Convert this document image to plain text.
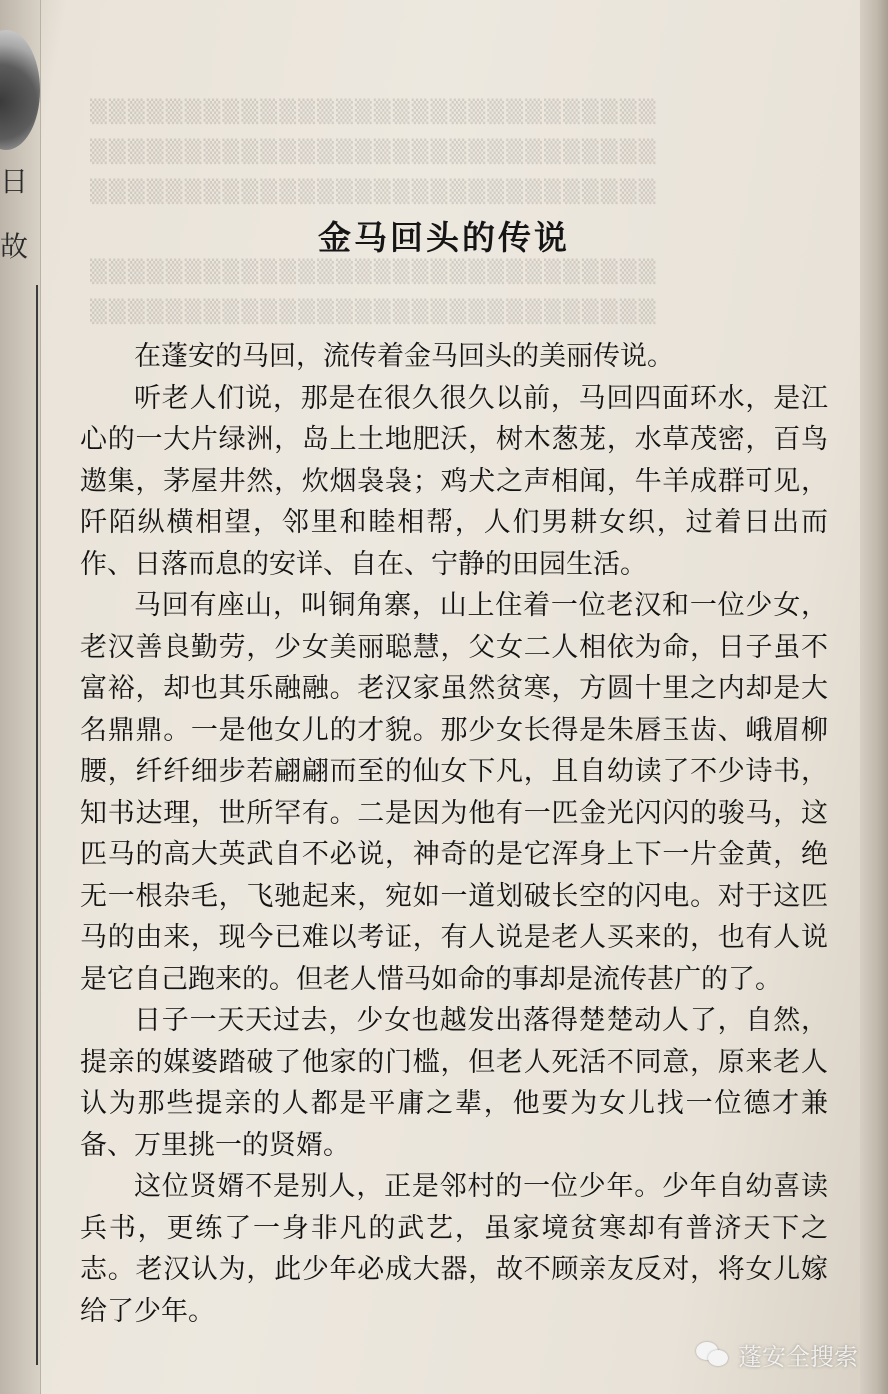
日
故
▒▒▒▒▒▒▒▒▒▒▒▒▒▒▒▒▒▒▒▒▒▒▒▒▒▒▒▒▒▒
▒▒▒▒▒▒▒▒▒▒▒▒▒▒▒▒▒▒▒▒▒▒▒▒▒▒▒▒▒▒
▒▒▒▒▒▒▒▒▒▒▒▒▒▒▒▒▒▒▒▒▒▒▒▒▒▒▒▒▒▒
▒▒▒▒▒▒▒▒▒▒▒▒▒▒▒▒▒▒▒▒▒▒▒▒▒▒▒▒▒▒
▒▒▒▒▒▒▒▒▒▒▒▒▒▒▒▒▒▒▒▒▒▒▒▒▒▒▒▒▒▒
金马回头的传说

在蓬安的马回，流传着金马回头的美丽传说。

听老人们说，那是在很久很久以前，马回四面环水，是江心的一大片绿洲，岛上土地肥沃，树木葱茏，水草茂密，百鸟遨集，茅屋井然，炊烟袅袅；鸡犬之声相闻，牛羊成群可见，阡陌纵横相望，邻里和睦相帮，人们男耕女织，过着日出而作、日落而息的安详、自在、宁静的田园生活。

马回有座山，叫铜角寨，山上住着一位老汉和一位少女，老汉善良勤劳，少女美丽聪慧，父女二人相依为命，日子虽不富裕，却也其乐融融。老汉家虽然贫寒，方圆十里之内却是大名鼎鼎。一是他女儿的才貌。那少女长得是朱唇玉齿、峨眉柳腰，纤纤细步若翩翩而至的仙女下凡，且自幼读了不少诗书，知书达理，世所罕有。二是因为他有一匹金光闪闪的骏马，这匹马的高大英武自不必说，神奇的是它浑身上下一片金黄，绝无一根杂毛，飞驰起来，宛如一道划破长空的闪电。对于这匹马的由来，现今已难以考证，有人说是老人买来的，也有人说是它自己跑来的。但老人惜马如命的事却是流传甚广的了。

日子一天天过去，少女也越发出落得楚楚动人了，自然，提亲的媒婆踏破了他家的门槛，但老人死活不同意，原来老人认为那些提亲的人都是平庸之辈，他要为女儿找一位德才兼备、万里挑一的贤婿。

这位贤婿不是别人，正是邻村的一位少年。少年自幼喜读兵书，更练了一身非凡的武艺，虽家境贫寒却有普济天下之志。老汉认为，此少年必成大器，故不顾亲友反对，将女儿嫁给了少年。

蓬安全搜索
